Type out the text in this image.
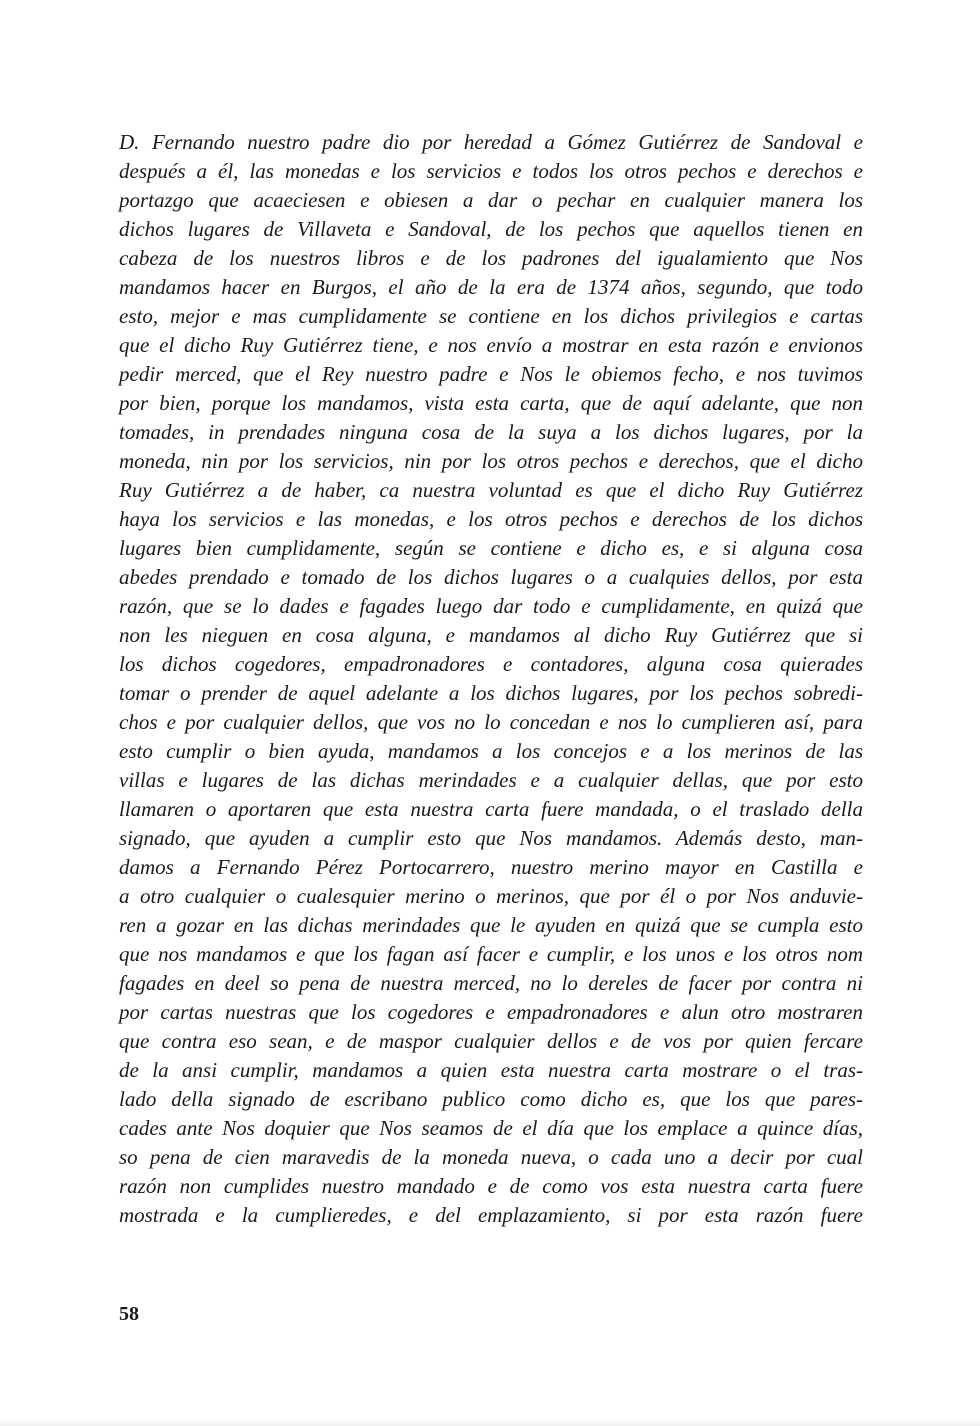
D. Fernando nuestro padre dio por heredad a Gómez Gutiérrez de Sandoval e
después a él, las monedas e los servicios e todos los otros pechos e derechos e
portazgo que acaeciesen e obiesen a dar o pechar en cualquier manera los
dichos lugares de Villaveta e Sandoval, de los pechos que aquellos tienen en
cabeza de los nuestros libros e de los padrones del igualamiento que Nos
mandamos hacer en Burgos, el año de la era de 1374 años, segundo, que todo
esto, mejor e mas cumplidamente se contiene en los dichos privilegios e cartas
que el dicho Ruy Gutiérrez tiene, e nos envío a mostrar en esta razón e envionos
pedir merced, que el Rey nuestro padre e Nos le obiemos fecho, e nos tuvimos
por bien, porque los mandamos, vista esta carta, que de aquí adelante, que non
tomades, in prendades ninguna cosa de la suya a los dichos lugares, por la
moneda, nin por los servicios, nin por los otros pechos e derechos, que el dicho
Ruy Gutiérrez a de haber, ca nuestra voluntad es que el dicho Ruy Gutiérrez
haya los servicios e las monedas, e los otros pechos e derechos de los dichos
lugares bien cumplidamente, según se contiene e dicho es, e si alguna cosa
abedes prendado e tomado de los dichos lugares o a cualquies dellos, por esta
razón, que se lo dades e fagades luego dar todo e cumplidamente, en quizá que
non les nieguen en cosa alguna, e mandamos al dicho Ruy Gutiérrez que si
los dichos cogedores, empadronadores e contadores, alguna cosa quierades
tomar o prender de aquel adelante a los dichos lugares, por los pechos sobredi-
chos e por cualquier dellos, que vos no lo concedan e nos lo cumplieren así, para
esto cumplir o bien ayuda, mandamos a los concejos e a los merinos de las
villas e lugares de las dichas merindades e a cualquier dellas, que por esto
llamaren o aportaren que esta nuestra carta fuere mandada, o el traslado della
signado, que ayuden a cumplir esto que Nos mandamos. Además desto, man-
damos a Fernando Pérez Portocarrero, nuestro merino mayor en Castilla e
a otro cualquier o cualesquier merino o merinos, que por él o por Nos anduvie-
ren a gozar en las dichas merindades que le ayuden en quizá que se cumpla esto
que nos mandamos e que los fagan así facer e cumplir, e los unos e los otros nom
fagades en deel so pena de nuestra merced, no lo dereles de facer por contra ni
por cartas nuestras que los cogedores e empadronadores e alun otro mostraren
que contra eso sean, e de maspor cualquier dellos e de vos por quien fercare
de la ansi cumplir, mandamos a quien esta nuestra carta mostrare o el tras-
lado della signado de escribano publico como dicho es, que los que pares-
cades ante Nos doquier que Nos seamos de el día que los emplace a quince días,
so pena de cien maravedis de la moneda nueva, o cada uno a decir por cual
razón non cumplides nuestro mandado e de como vos esta nuestra carta fuere
mostrada e la cumplieredes, e del emplazamiento, si por esta razón fuere
58
